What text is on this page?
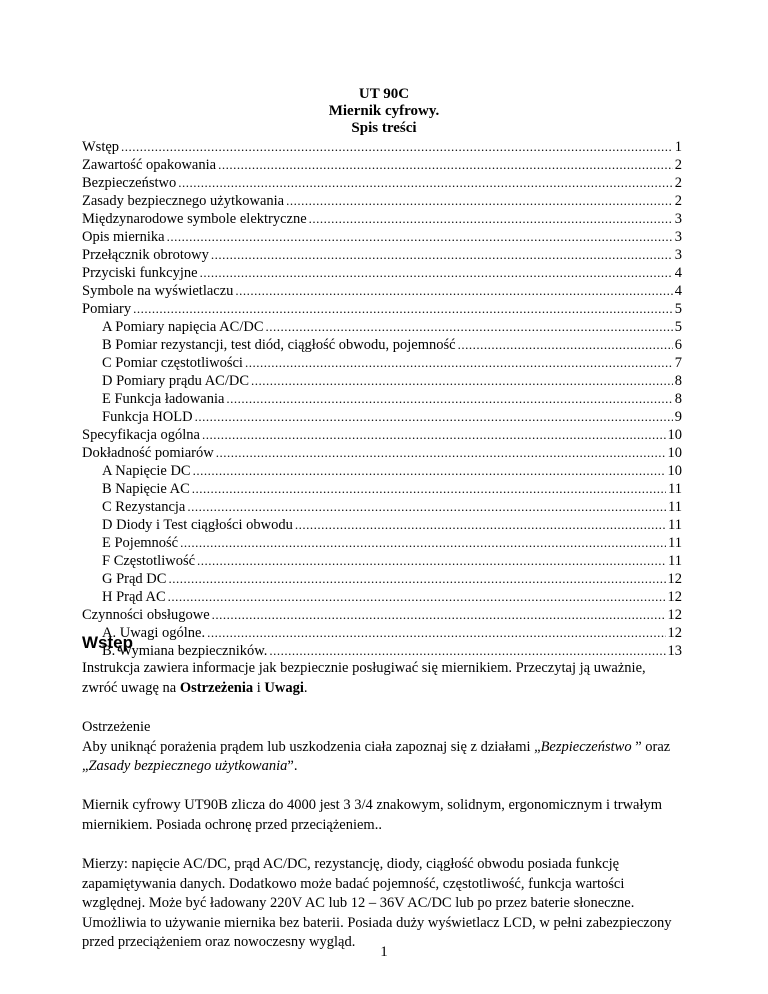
UT 90C
Miernik cyfrowy.
Spis treści
Wstęp .....	1
Zawartość opakowania .....	2
Bezpieczeństwo .....	2
Zasady bezpiecznego użytkowania .....	2
Międzynarodowe symbole elektryczne .....	3
Opis miernika .....	3
Przełącznik obrotowy .....	3
Przyciski funkcyjne .....	4
Symbole na wyświetlaczu .....	4
Pomiary .....	5
A Pomiary napięcia AC/DC .....	5
B Pomiar rezystancji, test diód, ciągłość obwodu, pojemność .....	6
C Pomiar częstotliwości .....	7
D Pomiary prądu AC/DC .....	8
E Funkcja ładowania .....	8
Funkcja HOLD .....	9
Specyfikacja ogólna .....	10
Dokładność pomiarów .....	10
A Napięcie DC .....	10
B Napięcie AC .....	11
C Rezystancja .....	11
D Diody i Test ciągłości obwodu .....	11
E Pojemność .....	11
F Częstotliwość .....	11
G Prąd DC .....	12
H Prąd AC .....	12
Czynności obsługowe .....	12
A. Uwagi ogólne. .....	12
B. Wymiana bezpieczników. .....	13
Wstęp
Instrukcja zawiera informacje jak bezpiecznie posługiwać się miernikiem. Przeczytaj ją uważnie, zwróć uwagę na Ostrzeżenia i Uwagi.
Ostrzeżenie
Aby uniknąć porażenia prądem lub uszkodzenia ciała zapoznaj się z działami „Bezpieczeństwo ” oraz „Zasady bezpiecznego użytkowania”.
Miernik cyfrowy UT90B zlicza do 4000 jest 3 3/4 znakowym, solidnym, ergonomicznym i trwałym miernikiem. Posiada ochronę przed przeciążeniem..
Mierzy: napięcie AC/DC, prąd AC/DC, rezystancję, diody, ciągłość obwodu posiada funkcję zapamiętywania danych. Dodatkowo może badać pojemność, częstotliwość, funkcja wartości względnej. Może być ładowany 220V AC lub 12 – 36V AC/DC lub po przez baterie słoneczne. Umożliwia to używanie miernika bez baterii. Posiada duży wyświetlacz LCD, w pełni zabezpieczony przed przeciążeniem oraz nowoczesny wygląd.
1
